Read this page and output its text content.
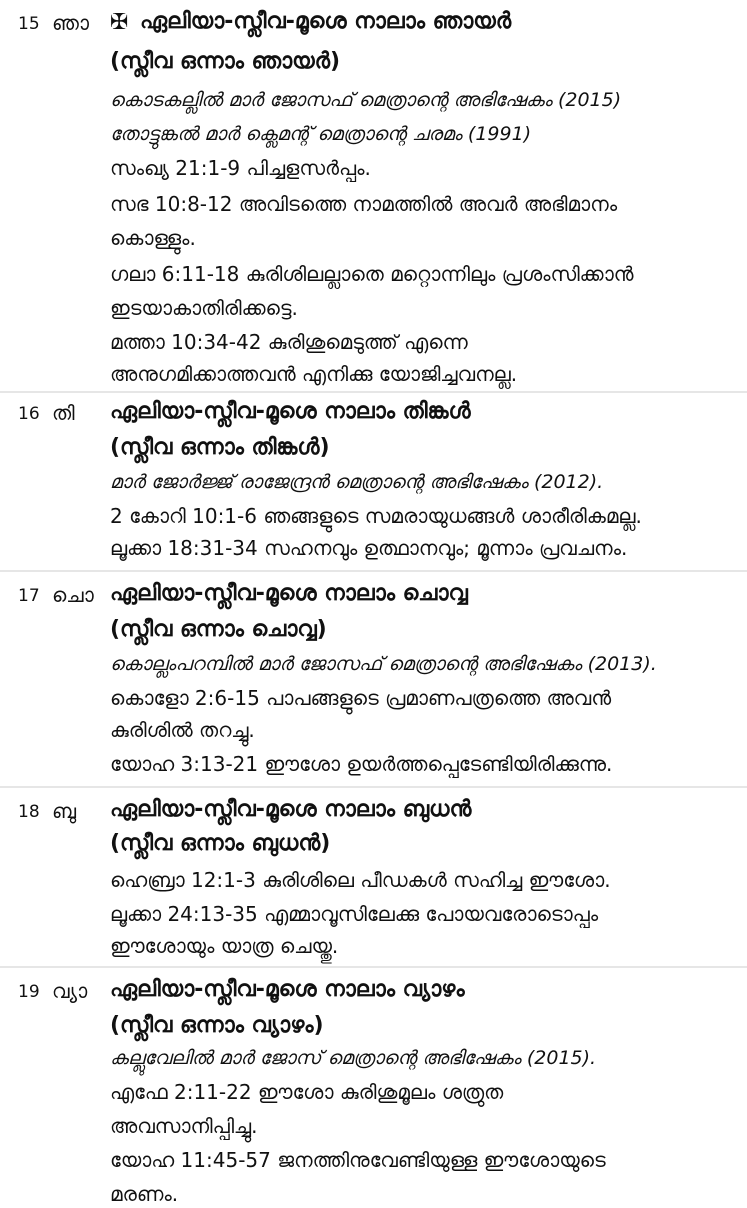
15 ഞാ ✠ ഏലിയാ-സ്ലീവ-മൂശെ നാലാം ഞായർ
(സ്ലീവ ഒന്നാം ഞായർ)
കൊടകല്ലിൽ മാർ ജോസഫ് മെത്രാന്റെ അഭിഷേകം (2015)
തോട്ടുങ്കൽ മാർ ക്ലെമന്റ് മെത്രാന്റെ ചരമം (1991)
സംഖ്യ 21:1-9 പിച്ചളസർപ്പം.
സഭ 10:8-12 അവിടത്തെ നാമത്തിൽ അവർ അഭിമാനം
കൊള്ളും.
ഗലാ 6:11-18 കുരിശിലല്ലാതെ മറ്റൊന്നിലും പ്രശംസിക്കാൻ
ഇടയാകാതിരിക്കട്ടെ.
മത്താ 10:34-42 കുരിശുമെടുത്ത് എന്നെ
അനുഗമിക്കാത്തവൻ എനിക്കു യോജിച്ചവനല്ല.
16 തി ഏലിയാ-സ്ലീവ-മൂശെ നാലാം തിങ്കൾ
(സ്ലീവ ഒന്നാം തിങ്കൾ)
മാർ ജോർജ്ജ് രാജേന്ദ്രൻ മെത്രാന്റെ അഭിഷേകം (2012).
2 കോറി 10:1-6 ഞങ്ങളുടെ സമരായുധങ്ങൾ ശാരീരികമല്ല.
ലൂക്കാ 18:31-34 സഹനവും ഉത്ഥാനവും; മൂന്നാം പ്രവചനം.
17 ചൊ ഏലിയാ-സ്ലീവ-മൂശെ നാലാം ചൊവ്വ
(സ്ലീവ ഒന്നാം ചൊവ്വ)
കൊല്ലംപറമ്പിൽ മാർ ജോസഫ് മെത്രാന്റെ അഭിഷേകം (2013).
കൊളോ 2:6-15 പാപങ്ങളുടെ പ്രമാണപത്രത്തെ അവൻ
കുരിശിൽ തറച്ചു.
യോഹ 3:13-21 ഈശോ ഉയർത്തപ്പെടേണ്ടിയിരിക്കുന്നു.
18 ബു ഏലിയാ-സ്ലീവ-മൂശെ നാലാം ബുധൻ
(സ്ലീവ ഒന്നാം ബുധൻ)
ഹെബ്രാ 12:1-3 കുരിശിലെ പീഡകൾ സഹിച്ച ഈശോ.
ലൂക്കാ 24:13-35 എമ്മാവൂസിലേക്കു പോയവരോടൊപ്പം
ഈശോയും യാത്ര ചെയ്തു.
19 വ്യാ ഏലിയാ-സ്ലീവ-മൂശെ നാലാം വ്യാഴം
(സ്ലീവ ഒന്നാം വ്യാഴം)
കല്ലുവേലിൽ മാർ ജോസ് മെത്രാന്റെ അഭിഷേകം (2015).
എഫേ 2:11-22 ഈശോ കുരിശുമൂലം ശത്രുത
അവസാനിപ്പിച്ചു.
യോഹ 11:45-57 ജനത്തിനുവേണ്ടിയുള്ള ഈശോയുടെ
മരണം.
